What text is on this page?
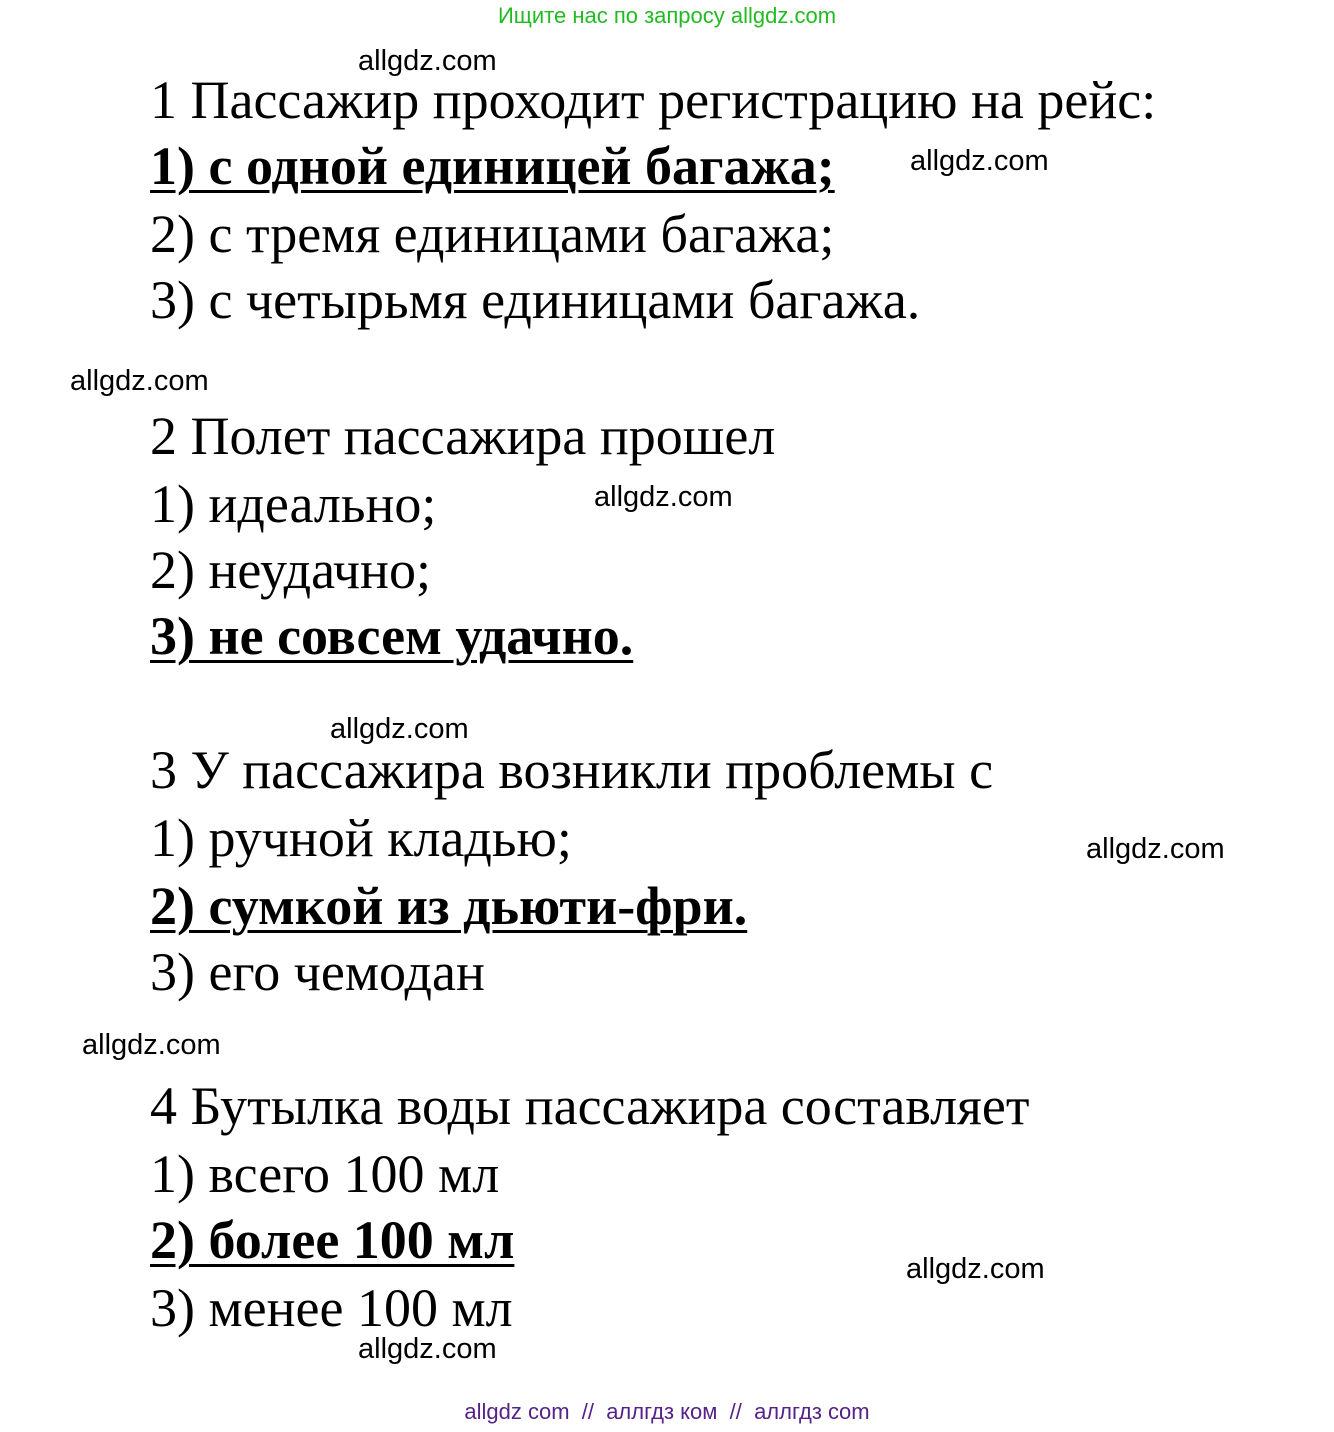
Ищите нас по запросу allgdz.com
allgdz.com
allgdz.com
allgdz.com
allgdz.com
allgdz.com
allgdz.com
allgdz.com
allgdz.com
allgdz.com
1 Пассажир проходит регистрацию на рейс:
1) с одной единицей багажа;
2) с тремя единицами багажа;
3) с четырьмя единицами багажа.
2 Полет пассажира прошел
1) идеально;
2) неудачно;
3) не совсем удачно.
3 У пассажира возникли проблемы с
1) ручной кладью;
2) сумкой из дьюти-фри.
3) его чемодан
4 Бутылка воды пассажира составляет
1) всего 100 мл
2) более 100 мл
3) менее 100 мл
allgdz com  //  аллгдз ком  //  аллгдз com
